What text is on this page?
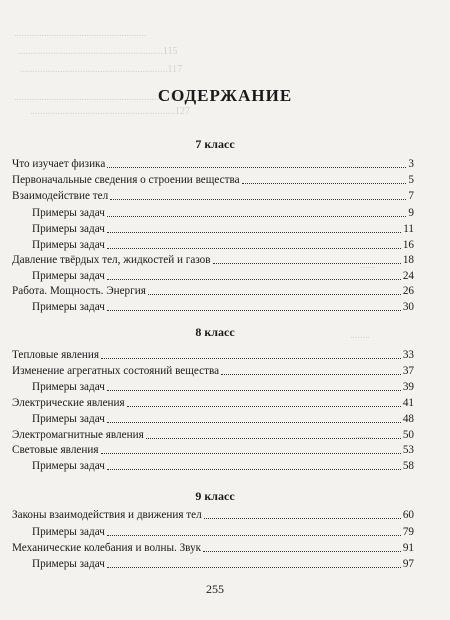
.....................................................
..........................................................115
...........................................................117
..............................................................120
..........................................................127
.......
......
........
.......
СОДЕРЖАНИЕ
7 класс
Что изучает физика	3
Первоначальные сведения о строении вещества	5
Взаимодействие тел	7
Примеры задач	9
Примеры задач	11
Примеры задач	16
Давление твёрдых тел, жидкостей и газов	18
Примеры задач	24
Работа. Мощность. Энергия	26
Примеры задач	30
8 класс
Тепловые явления	33
Изменение агрегатных состояний вещества	37
Примеры задач	39
Электрические явления	41
Примеры задач	48
Электромагнитные явления	50
Световые явления	53
Примеры задач	58
9 класс
Законы взаимодействия и движения тел	60
Примеры задач	79
Механические колебания и волны. Звук	91
Примеры задач	97
255
